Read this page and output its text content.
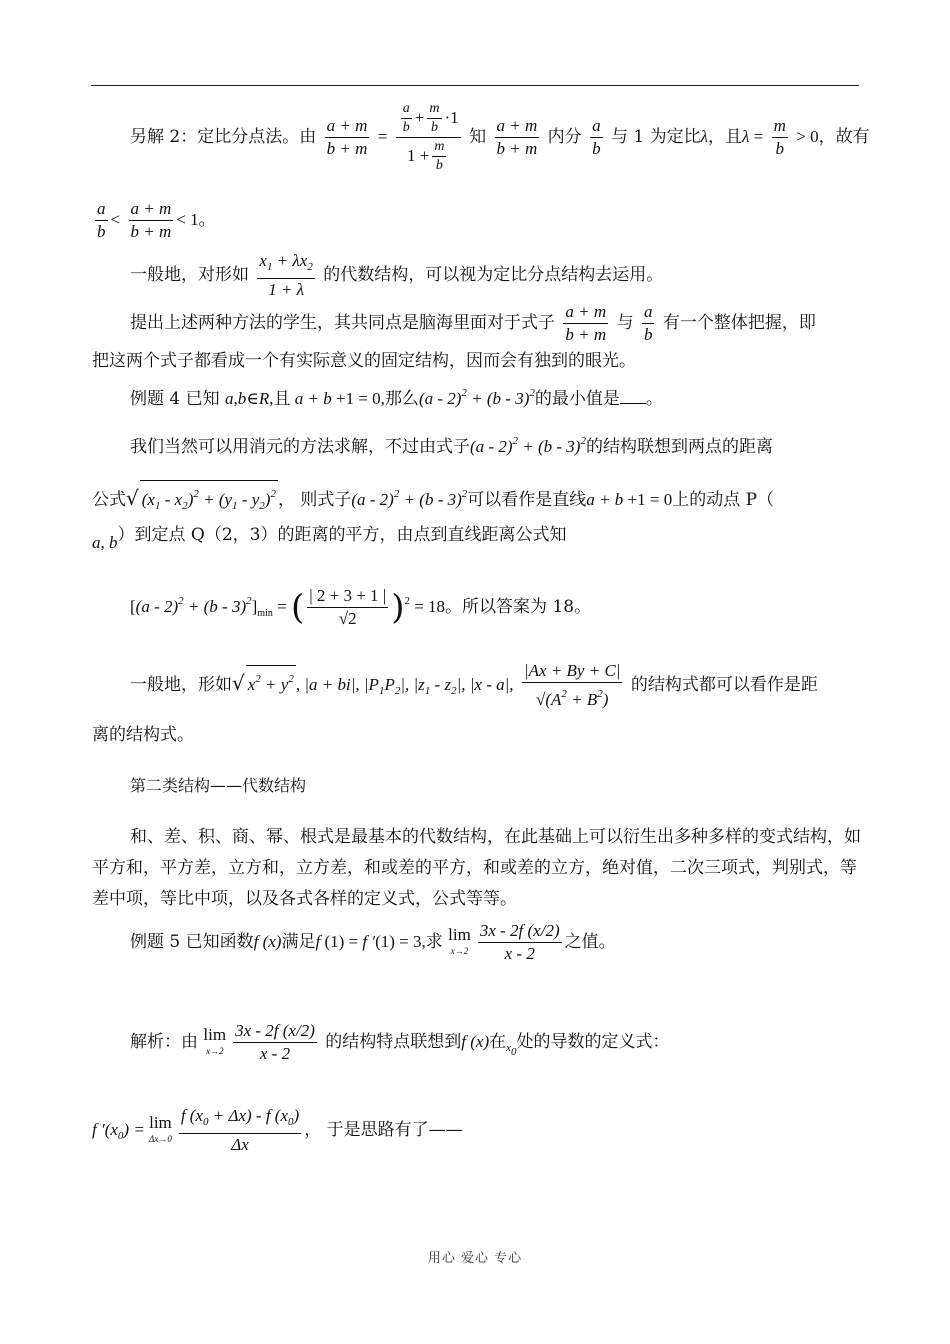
另解 2：定比分点法。由 $\frac{a + m}{b + m} = \frac{\frac{a}{b} + \frac{m}{b} \cdot 1}{1 + \frac{m}{b}}$ 知 $\frac{a + m}{b + m}$ 内分 $\frac{a}{b}$ 与 1 为定比λ，且$\lambda = \frac{m}{b} > 0$，故有
$\frac{a}{b} < \frac{a + m}{b + m} < 1$。
一般地，对形如 $\frac{x_1 + \lambda x_2}{1 + \lambda}$ 的代数结构，可以视为定比分点结构去运用。
提出上述两种方法的学生，其共同点是脑海里面对于式子 $\frac{a + m}{b + m}$ 与 $\frac{a}{b}$ 有一个整体把握，即
把这两个式子都看成一个有实际意义的固定结构，因而会有独到的眼光。
例题 4 已知 a,b∈R,且 a + b +1 = 0,那么(a - 2)$^2$ + (b - 3)$^2$的最小值是 。
我们当然可以用消元的方法求解，不过由式子(a - 2)$^2$ + (b - 3)$^2$的结构联想到两点的距离
公式√ $(x_1 - x_2)^2 + (y_1 - y_2)^2$ ， 则式子(a - 2)$^2$ + (b - 3)$^2$可以看作是直线a + b +1 = 0上的动点 P（
a, b）到定点 Q（2，3）的距离的平方，由点到直线距离公式知
$[(a - 2)^2 + (b - 3)^2]_{min}$ = ( $\frac{| 2 + 3 + 1 |}{√2} )^2 = 18$。所以答案为 18。
一般地，形如√ $x^2 + y^2$ , |a + bi|, $|P_1P_2|$, $|z_1 - z_2|$, |x - a|, $\frac{|Ax + By + C|}{√(A^2 + B^2)}$ 的结构式都可以看作是距
离的结构式。
第二类结构——代数结构
和、差、积、商、幂、根式是最基本的代数结构，在此基础上可以衍生出多种多样的变式结构，如平方和，平方差，立方和，立方差，和或差的平方，和或差的立方，绝对值，二次三项式，判别式，等差中项，等比中项，以及各式各样的定义式，公式等等。
例题 5 已知函数f (x)满足f (1) = f ′(1) = 3,求 lim
$x\to 2 \frac{3x - 2f (x/2)}{x - 2}$ 之值。
解析：由 lim
$x\to 2 \frac{3x - 2f (x/2)}{x - 2}$ 的结构特点联想到f (x)在$_{x0}$处的导数的定义式：
f $'(x_0) = \lim$
$\Delta x\to 0 \frac{f (x_0 + \Delta x) - f (x_0)}{\Delta x}$ ， 于是思路有了——
用心 爱心 专心
